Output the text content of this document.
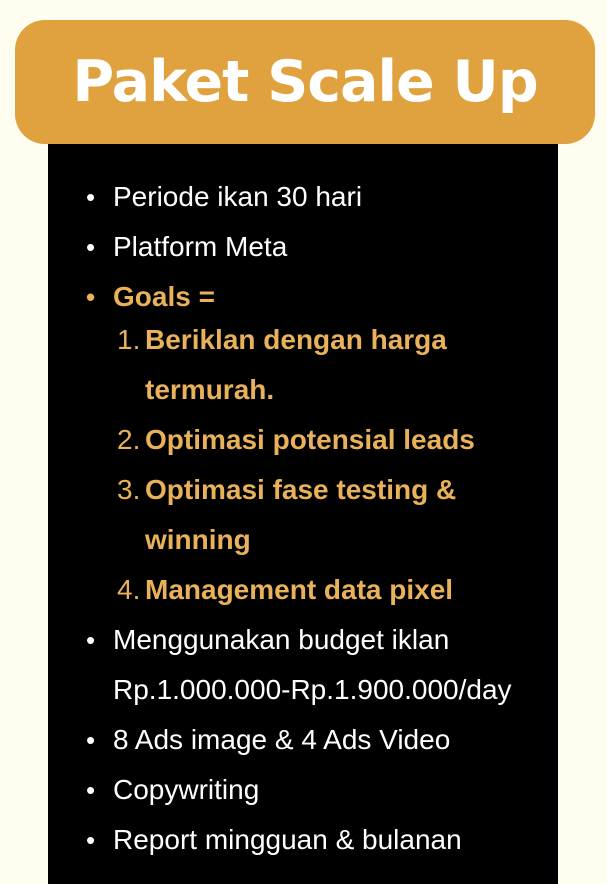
Paket Scale Up
• Periode ikan 30 hari
• Platform Meta
• Goals =
1. Beriklan dengan harga termurah.
2. Optimasi potensial leads
3. Optimasi fase testing & winning
4. Management data pixel
• Menggunakan budget iklan Rp.1.000.000-Rp.1.900.000/day
• 8 Ads image & 4 Ads Video
• Copywriting
• Report mingguan & bulanan
